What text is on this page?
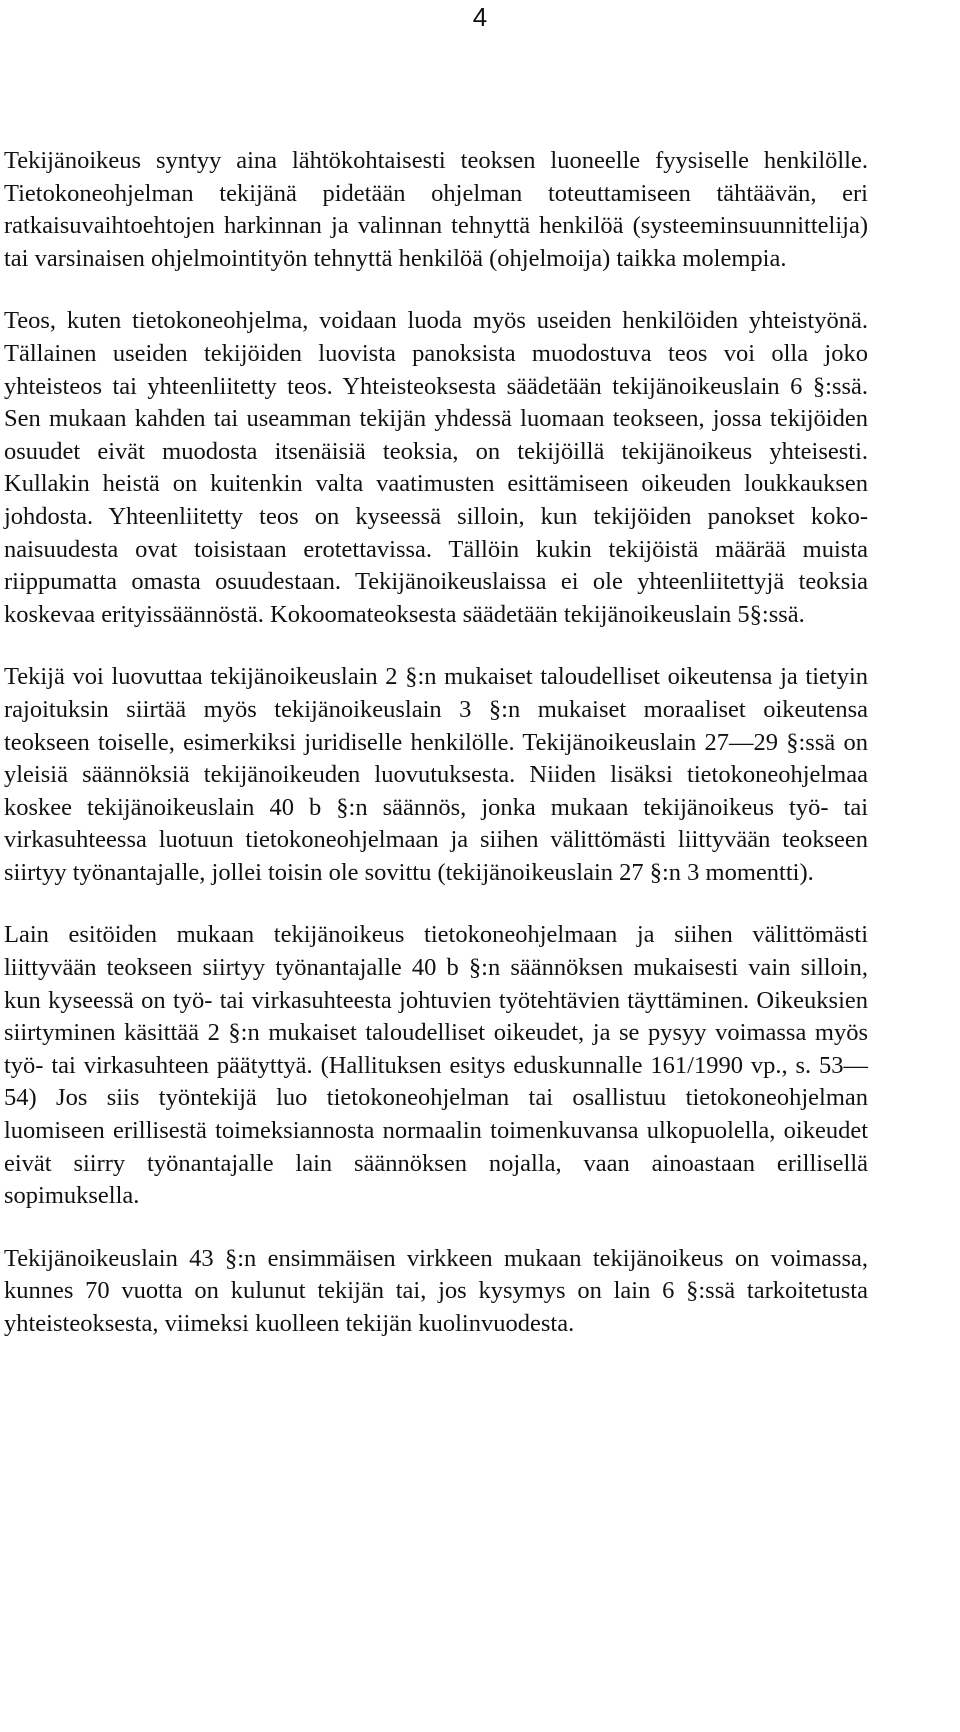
4

Tekijänoikeus syntyy aina lähtökohtaisesti teoksen luoneelle fyysiselle henkilölle. Tietokoneohjelman tekijänä pidetään ohjelman toteuttamiseen tähtäävän, eri ratkaisuvaihtoehtojen harkinnan ja valinnan tehnyttä henkilöä (systeeminsuunnittelija) tai varsinaisen ohjelmointityön tehnyttä henkilöä (ohjelmoija) taikka molempia.

Teos, kuten tietokoneohjelma, voidaan luoda myös useiden henkilöiden yhteistyönä. Tällainen useiden tekijöiden luovista panoksista muodostuva teos voi olla joko yhteisteos tai yhteenliitetty teos. Yhteisteoksesta säädetään tekijänoikeuslain 6 §:ssä. Sen mukaan kahden tai useamman tekijän yhdessä luomaan teokseen, jossa tekijöiden osuudet eivät muodosta itsenäisiä teoksia, on tekijöillä tekijänoikeus yhteisesti. Kullakin heistä on kuitenkin valta vaatimusten esittämiseen oikeuden loukkauksen johdosta. Yhteenliitetty teos on kyseessä silloin, kun tekijöiden panokset kokonaisuudesta ovat toisistaan erotettavissa. Tällöin kukin tekijöistä määrää muista riippumatta omasta osuudestaan. Tekijänoikeuslaissa ei ole yhteenliitettyjä teoksia koskevaa erityissäännöstä. Kokoomateoksesta säädetään tekijänoikeuslain 5§:ssä.

Tekijä voi luovuttaa tekijänoikeuslain 2 §:n mukaiset taloudelliset oikeutensa ja tietyin rajoituksin siirtää myös tekijänoikeuslain 3 §:n mukaiset moraaliset oikeutensa teokseen toiselle, esimerkiksi juridiselle henkilölle. Tekijänoikeuslain 27—29 §:ssä on yleisiä säännöksiä tekijänoikeuden luovutuksesta. Niiden lisäksi tietokoneohjelmaa koskee tekijänoikeuslain 40 b §:n säännös, jonka mukaan tekijänoikeus työ- tai virkasuhteessa luotuun tietokoneohjelmaan ja siihen välittömästi liittyvään teokseen siirtyy työnantajalle, jollei toisin ole sovittu (tekijänoikeuslain 27 §:n 3 momentti).

Lain esitöiden mukaan tekijänoikeus tietokoneohjelmaan ja siihen välittömästi liittyvään teokseen siirtyy työnantajalle 40 b §:n säännöksen mukaisesti vain silloin, kun kyseessä on työ- tai virkasuhteesta johtuvien työtehtävien täyttäminen. Oikeuksien siirtyminen käsittää 2 §:n mukaiset taloudelliset oikeudet, ja se pysyy voimassa myös työ- tai virkasuhteen päätyttyä. (Hallituksen esitys eduskunnalle 161/1990 vp., s. 53—54) Jos siis työntekijä luo tietokoneohjelman tai osallistuu tietokoneohjelman luomiseen erillisestä toimeksiannosta normaalin toimenkuvansa ulkopuolella, oikeudet eivät siirry työnantajalle lain säännöksen nojalla, vaan ainoastaan erillisellä sopimuksella.

Tekijänoikeuslain 43 §:n ensimmäisen virkkeen mukaan tekijänoikeus on voimassa, kunnes 70 vuotta on kulunut tekijän tai, jos kysymys on lain 6 §:ssä tarkoitetusta yhteisteoksesta, viimeksi kuolleen tekijän kuolinvuodesta.
